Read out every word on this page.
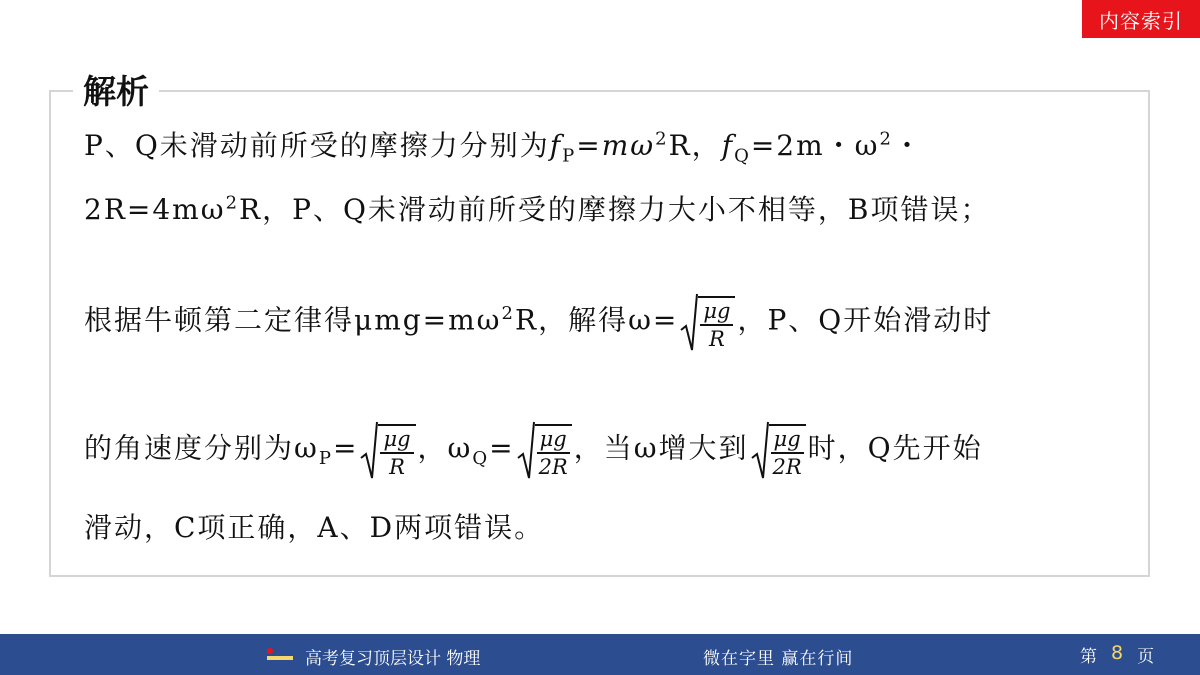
内容索引
解析
P、Q未滑动前所受的摩擦力分别为$f_P=m\omega^2R$，$f_Q=2m$・$\omega^2$・
$2R=4m\omega^2R$，P、Q未滑动前所受的摩擦力大小不相等，B项错误；
根据牛顿第二定律得$\mu mg=m\omega^2R$，解得$\omega= \frac{\mu g}{R}$ ，P、Q开始滑动时
的角速度分别为$\omega_P= \frac{\mu g}{R}$ ，$\omega_Q= \frac{\mu g}{2R}$ ，当ω增大到 $\frac{\mu g}{2R}$ 时，Q先开始
滑动，C项正确，A、D两项错误。
高考复习顶层设计 物理	微在字里 赢在行间	第 8 页
